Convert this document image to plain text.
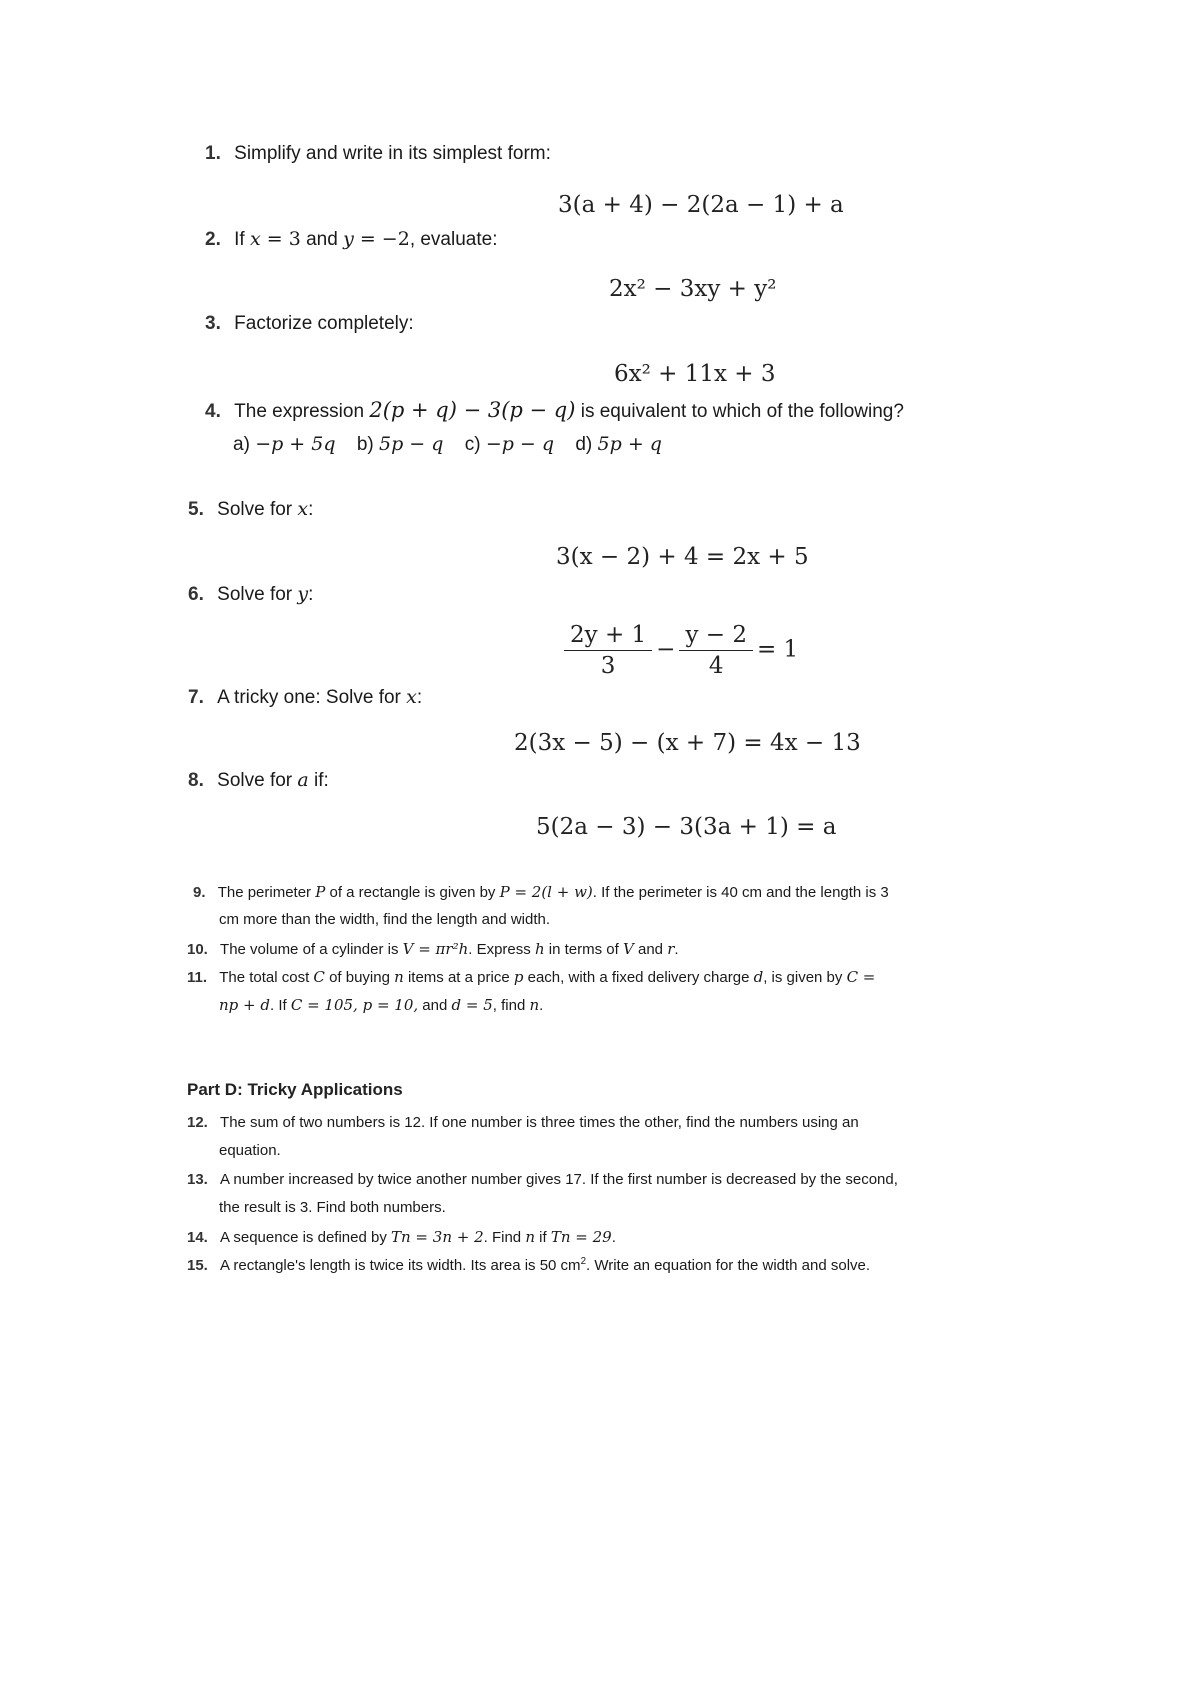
1. Simplify and write in its simplest form:
3(a + 4) − 2(2a − 1) + a
2. If x = 3 and y = −2, evaluate:
2x² − 3xy + y²
3. Factorize completely:
6x² + 11x + 3
4. The expression 2(p + q) − 3(p − q) is equivalent to which of the following?
a) −p + 5q b) 5p − q c) −p − q d) 5p + q
5. Solve for x:
3(x − 2) + 4 = 2x + 5
6. Solve for y:
$\frac{2y + 1}{3} - \frac{y - 2}{4} = 1$
7. A tricky one: Solve for x:
2(3x − 5) − (x + 7) = 4x − 13
8. Solve for a if:
5(2a − 3) − 3(3a + 1) = a
9. The perimeter P of a rectangle is given by P = 2(l + w). If the perimeter is 40 cm and the length is 3
cm more than the width, find the length and width.
10. The volume of a cylinder is V = πr²h. Express h in terms of V and r.
11. The total cost C of buying n items at a price p each, with a fixed delivery charge d, is given by C =
np + d. If C = 105, p = 10, and d = 5, find n.
Part D: Tricky Applications
12. The sum of two numbers is 12. If one number is three times the other, find the numbers using an
equation.
13. A number increased by twice another number gives 17. If the first number is decreased by the second,
the result is 3. Find both numbers.
14. A sequence is defined by Tn = 3n + 2. Find n if Tn = 29.
15. A rectangle's length is twice its width. Its area is 50 $cm^2$. Write an equation for the width and solve.
